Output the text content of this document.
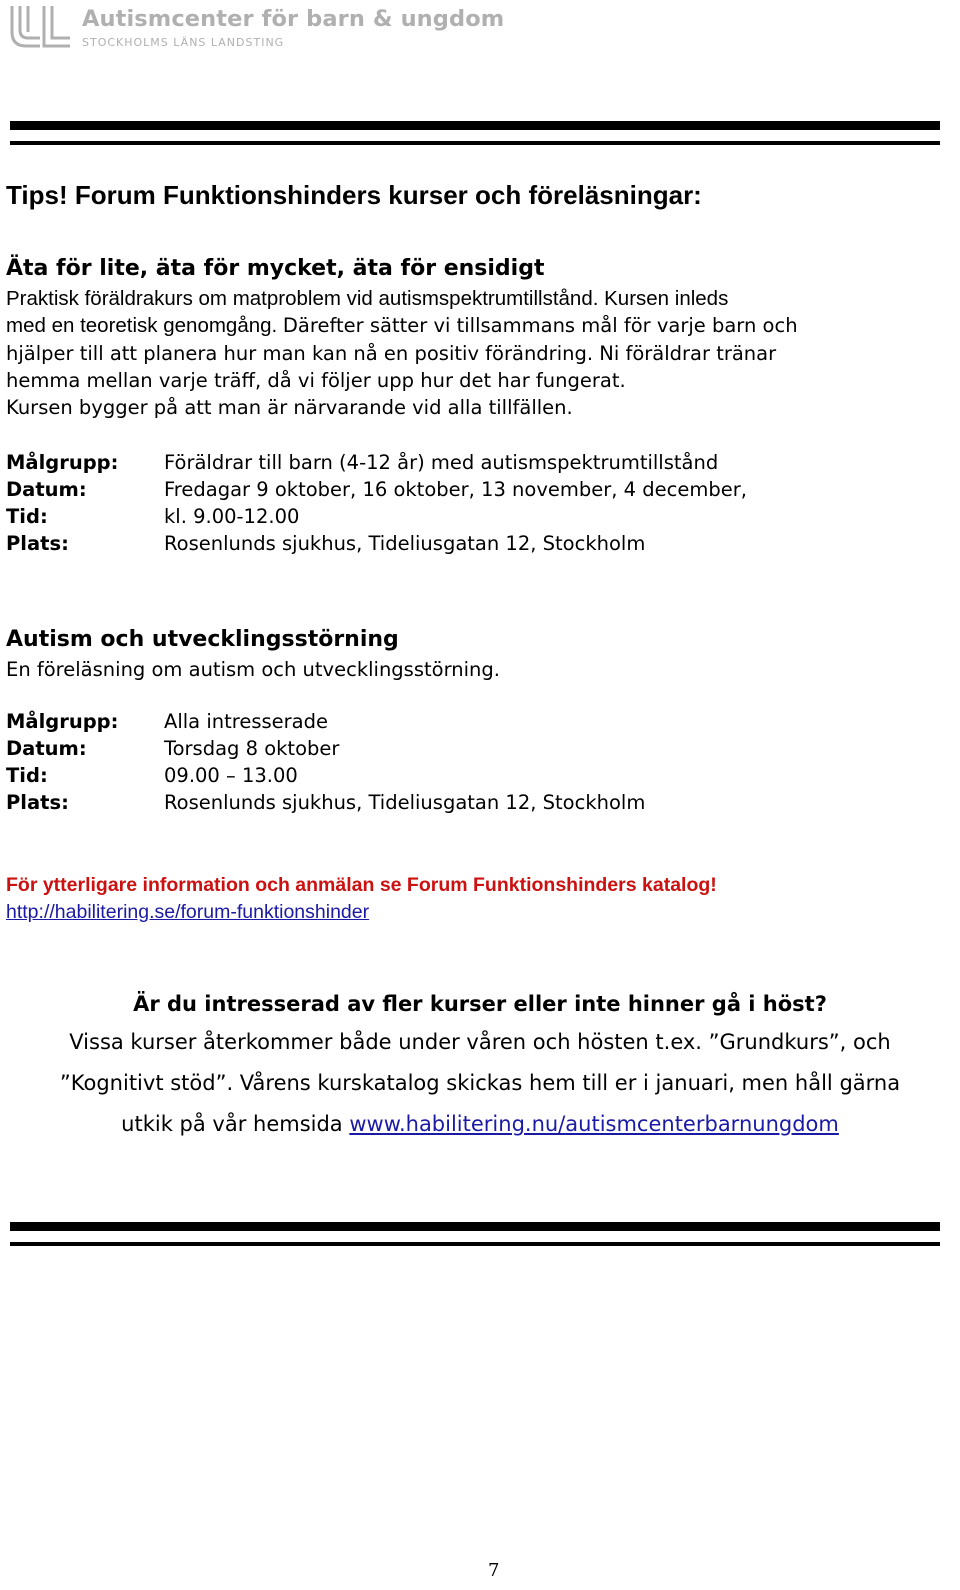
Autismcenter för barn & ungdom
STOCKHOLMS LÄNS LANDSTING
Tips! Forum Funktionshinders kurser och föreläsningar:
Äta för lite, äta för mycket, äta för ensidigt
Praktisk föräldrakurs om matproblem vid autismspektrumtillstånd. Kursen inleds
med en teoretisk genomgång. Därefter sätter vi tillsammans mål för varje barn och
hjälper till att planera hur man kan nå en positiv förändring. Ni föräldrar tränar
hemma mellan varje träff, då vi följer upp hur det har fungerat.
Kursen bygger på att man är närvarande vid alla tillfällen.
Målgrupp: Föräldrar till barn (4-12 år) med autismspektrumtillstånd
Datum:	Fredagar 9 oktober, 16 oktober, 13 november, 4 december,
Tid:	kl. 9.00-12.00
Plats:	Rosenlunds sjukhus, Tideliusgatan 12, Stockholm
Autism och utvecklingsstörning
En föreläsning om autism och utvecklingsstörning.
Målgrupp: Alla intresserade
Datum:	Torsdag 8 oktober
Tid:	09.00 – 13.00
Plats:	Rosenlunds sjukhus, Tideliusgatan 12, Stockholm
För ytterligare information och anmälan se Forum Funktionshinders katalog!
http://habilitering.se/forum-funktionshinder
Är du intresserad av fler kurser eller inte hinner gå i höst?
Vissa kurser återkommer både under våren och hösten t.ex. ”Grundkurs”, och
”Kognitivt stöd”. Vårens kurskatalog skickas hem till er i januari, men håll gärna
utkik på vår hemsida www.habilitering.nu/autismcenterbarnungdom
7
